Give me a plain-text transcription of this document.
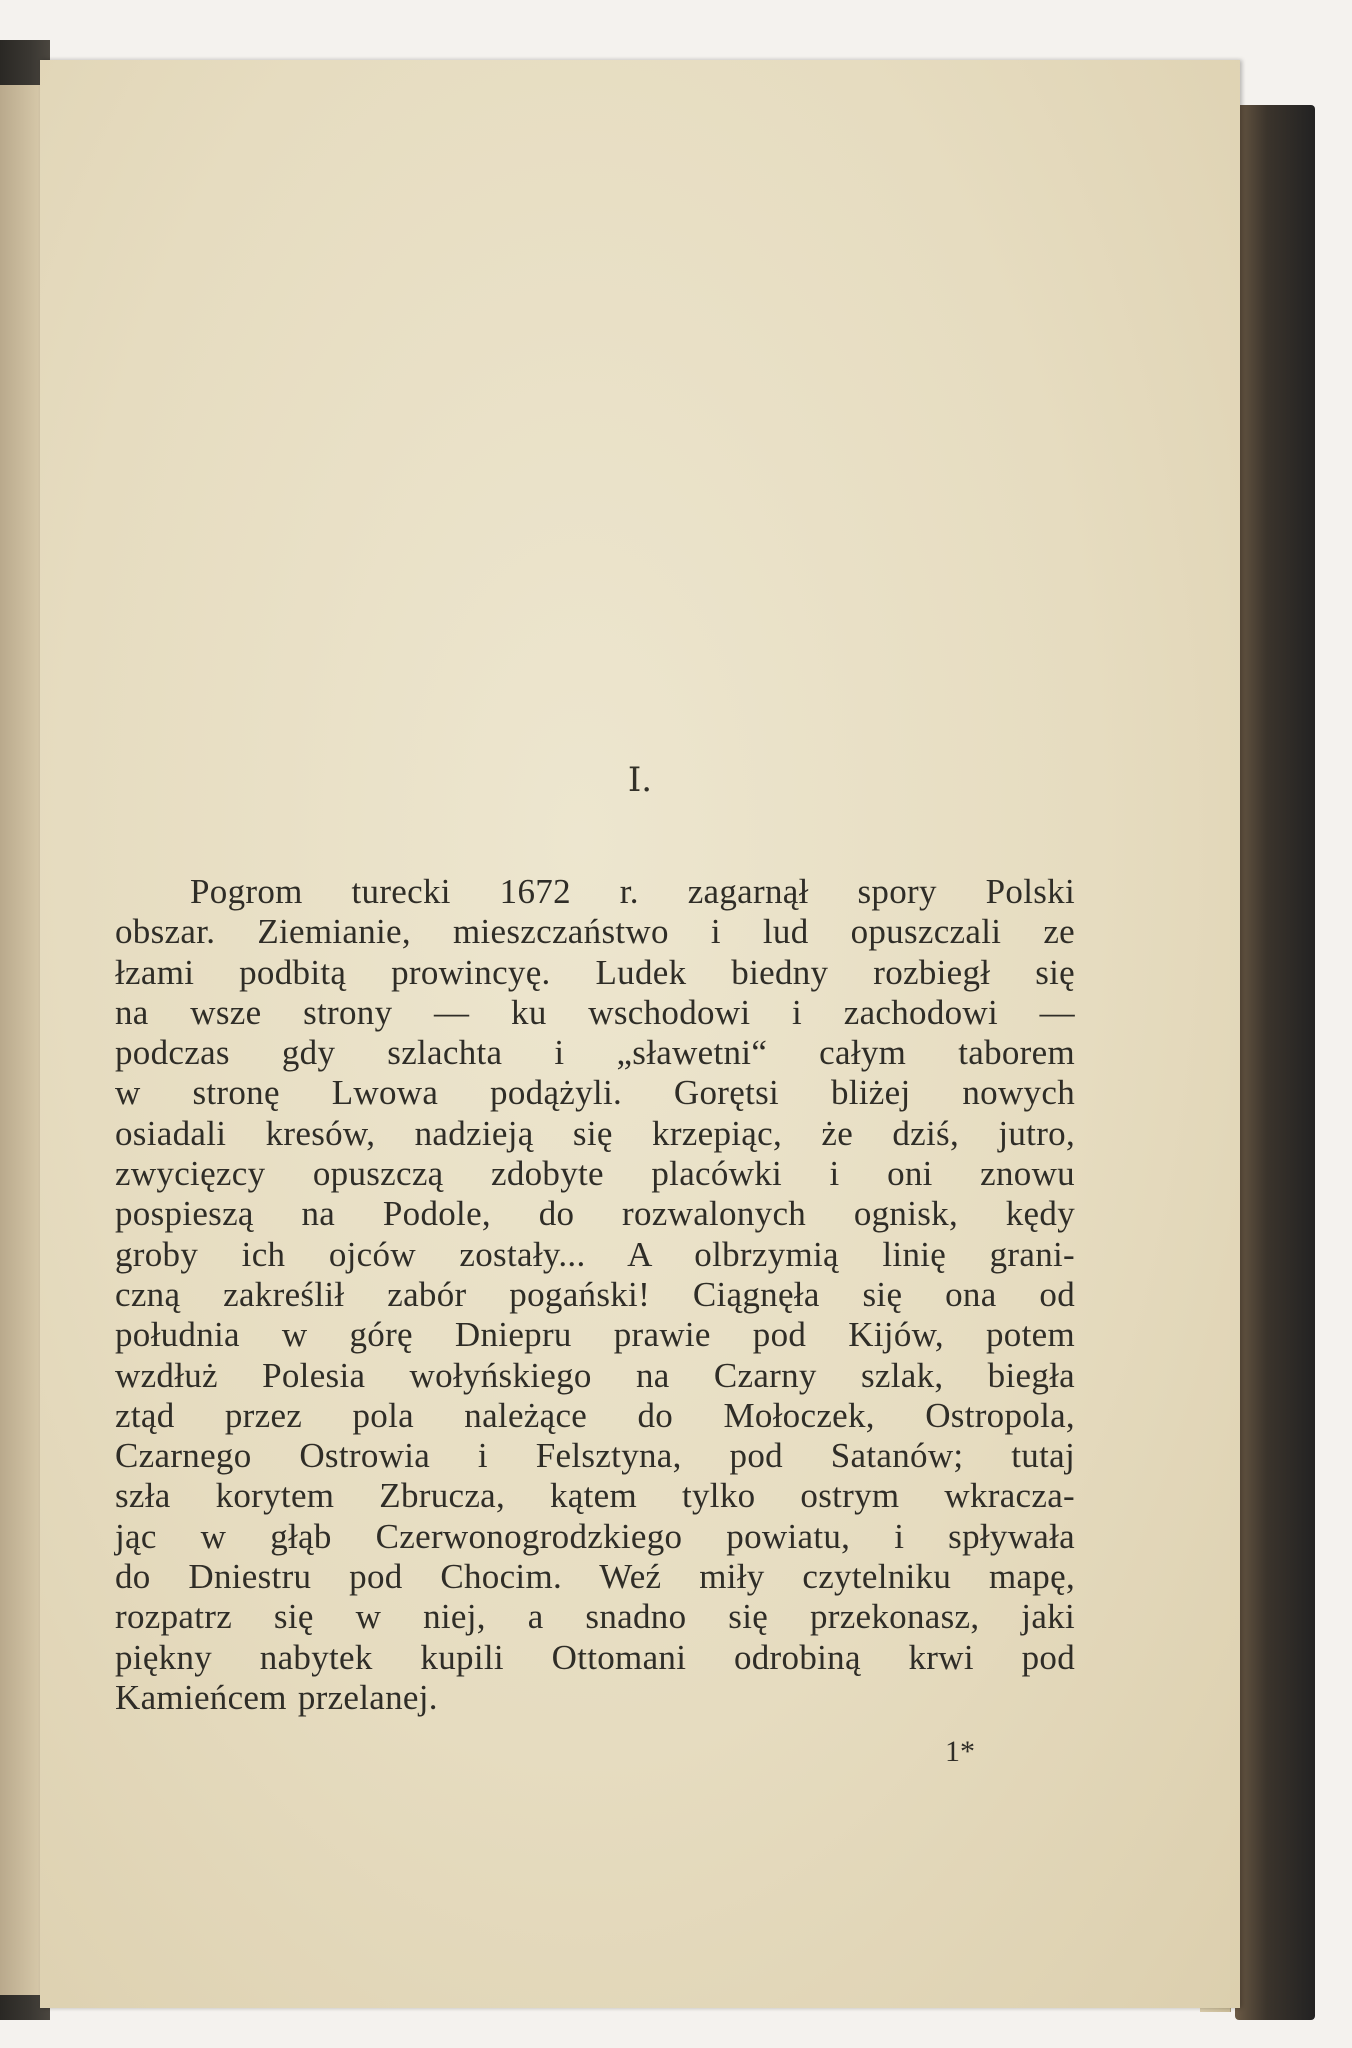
I.
Pogrom turecki 1672 r. zagarnął spory Polski
obszar. Ziemianie, mieszczaństwo i lud opuszczali ze
łzami podbitą prowincyę. Ludek biedny rozbiegł się
na wsze strony — ku wschodowi i zachodowi —
podczas gdy szlachta i „sławetni“ całym taborem
w stronę Lwowa podążyli. Gorętsi bliżej nowych
osiadali kresów, nadzieją się krzepiąc, że dziś, jutro,
zwycięzcy opuszczą zdobyte placówki i oni znowu
pospieszą na Podole, do rozwalonych ognisk, kędy
groby ich ojców zostały... A olbrzymią linię grani-
czną zakreślił zabór pogański! Ciągnęła się ona od
południa w górę Dniepru prawie pod Kijów, potem
wzdłuż Polesia wołyńskiego na Czarny szlak, biegła
ztąd przez pola należące do Mołoczek, Ostropola,
Czarnego Ostrowia i Felsztyna, pod Satanów; tutaj
szła korytem Zbrucza, kątem tylko ostrym wkracza-
jąc w głąb Czerwonogrodzkiego powiatu, i spływała
do Dniestru pod Chocim. Weź miły czytelniku mapę,
rozpatrz się w niej, a snadno się przekonasz, jaki
piękny nabytek kupili Ottomani odrobiną krwi pod
Kamieńcem przelanej.
1*
